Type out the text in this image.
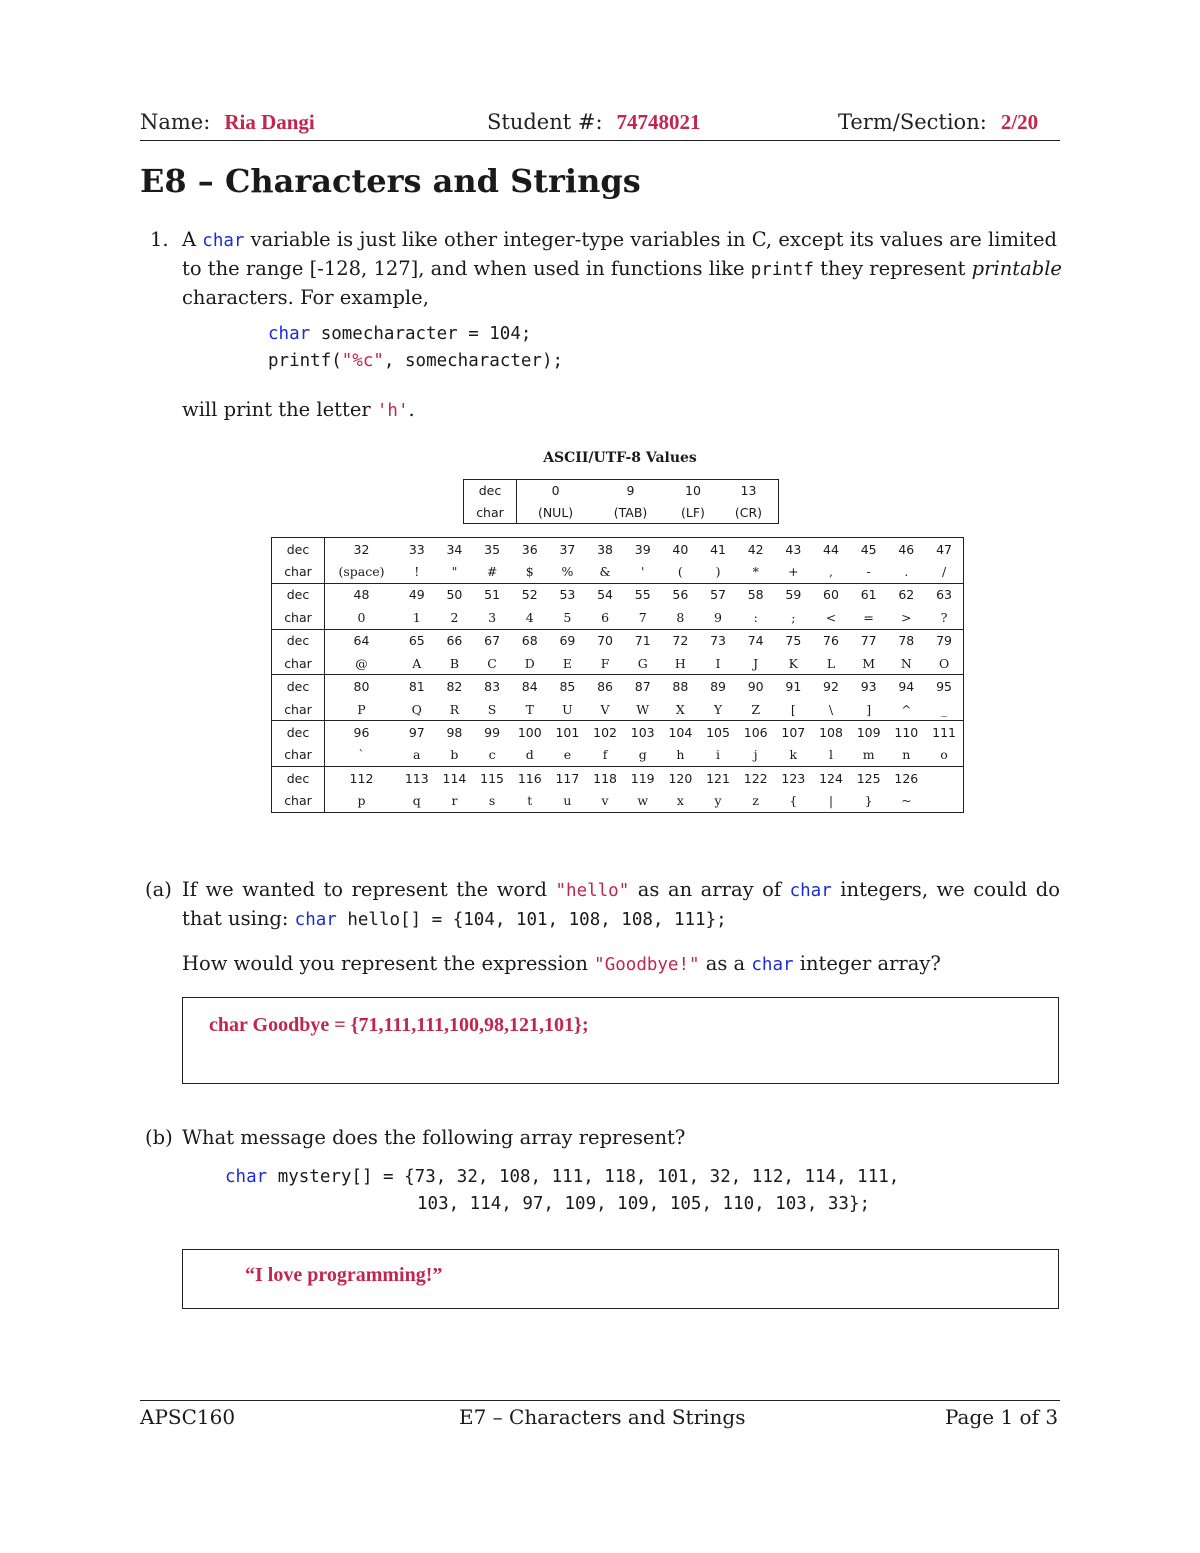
Name: Ria Dangi	Student #: 74748021	Term/Section: 2/20
E8 – Characters and Strings
1. A char variable is just like other integer-type variables in C, except its values are limited to the range [-128, 127], and when used in functions like printf they represent printable characters. For example,
char somecharacter = 104;
printf("%c", somecharacter);
will print the letter 'h'.
ASCII/UTF-8 Values
dec	0	9	10	13
char	(NUL)	(TAB)	(LF)	(CR)
dec	32	33	34	35	36	37	38	39	40	41	42	43	44	45	46	47
char	(space)	!	"	#	$	%	&	'	(	)	*	+	,	-	.	/
dec	48	49	50	51	52	53	54	55	56	57	58	59	60	61	62	63
char	0	1	2	3	4	5	6	7	8	9	:	;	<	=	>	?
dec	64	65	66	67	68	69	70	71	72	73	74	75	76	77	78	79
char	@	A	B	C	D	E	F	G	H	I	J	K	L	M	N	O
dec	80	81	82	83	84	85	86	87	88	89	90	91	92	93	94	95
char	P	Q	R	S	T	U	V	W	X	Y	Z	[	\	]	^	_
dec	96	97	98	99	100	101	102	103	104	105	106	107	108	109	110	111
char	`	a	b	c	d	e	f	g	h	i	j	k	l	m	n	o
dec	112	113	114	115	116	117	118	119	120	121	122	123	124	125	126	
char	p	q	r	s	t	u	v	w	x	y	z	{	|	}	~	
(a) If we wanted to represent the word "hello" as an array of char integers, we could do that using: char hello[] = {104, 101, 108, 108, 111};
How would you represent the expression "Goodbye!" as a char integer array?
char Goodbye = {71,111,111,100,98,121,101};
(b) What message does the following array represent?
char mystery[] = {73, 32, 108, 111, 118, 101, 32, 112, 114, 111,
103, 114, 97, 109, 109, 105, 110, 103, 33};
“I love programming!”
APSC160	E7 – Characters and Strings	Page 1 of 3
